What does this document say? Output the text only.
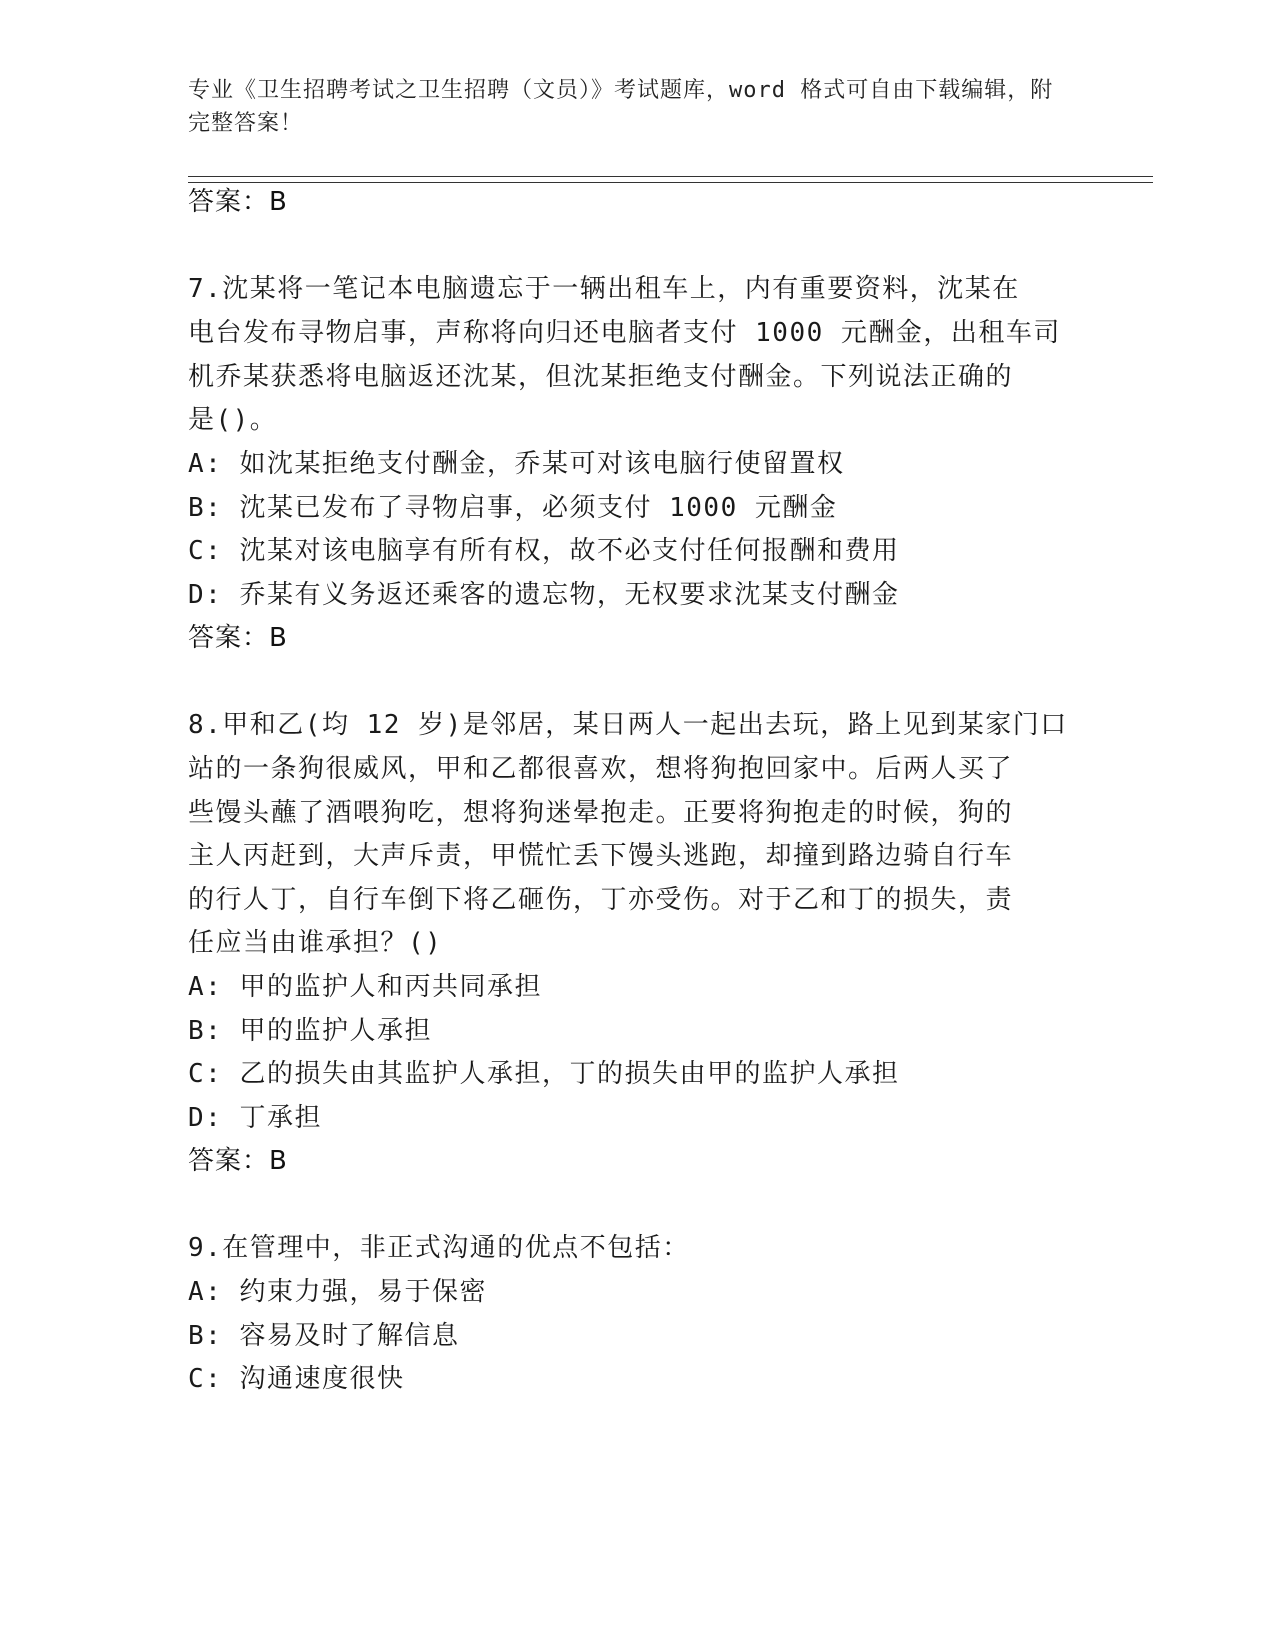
专业《卫生招聘考试之卫生招聘（文员）》考试题库，word 格式可自由下载编辑，附完整答案！
答案：B
7.沈某将一笔记本电脑遗忘于一辆出租车上，内有重要资料，沈某在
电台发布寻物启事，声称将向归还电脑者支付 1000 元酬金，出租车司
机乔某获悉将电脑返还沈某，但沈某拒绝支付酬金。下列说法正确的
是()。
A: 如沈某拒绝支付酬金，乔某可对该电脑行使留置权
B: 沈某已发布了寻物启事，必须支付 1000 元酬金
C: 沈某对该电脑享有所有权，故不必支付任何报酬和费用
D: 乔某有义务返还乘客的遗忘物，无权要求沈某支付酬金
答案：B
8.甲和乙(均 12 岁)是邻居，某日两人一起出去玩，路上见到某家门口
站的一条狗很威风，甲和乙都很喜欢，想将狗抱回家中。后两人买了
些馒头蘸了酒喂狗吃，想将狗迷晕抱走。正要将狗抱走的时候，狗的
主人丙赶到，大声斥责，甲慌忙丢下馒头逃跑，却撞到路边骑自行车
的行人丁，自行车倒下将乙砸伤，丁亦受伤。对于乙和丁的损失，责
任应当由谁承担？()
A: 甲的监护人和丙共同承担
B: 甲的监护人承担
C: 乙的损失由其监护人承担，丁的损失由甲的监护人承担
D: 丁承担
答案：B
9.在管理中，非正式沟通的优点不包括：
A: 约束力强，易于保密
B: 容易及时了解信息
C: 沟通速度很快
